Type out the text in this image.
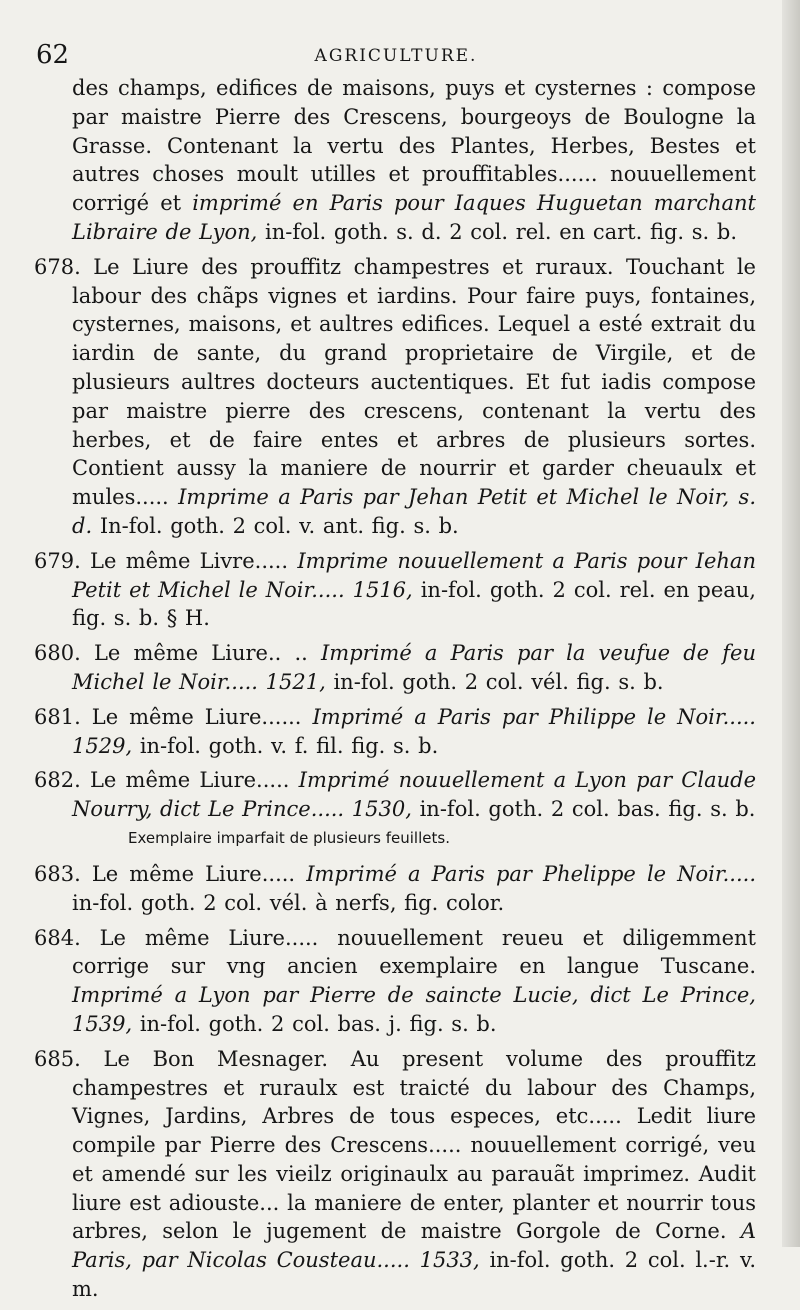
62	AGRICULTURE.

des champs, edifices de maisons, puys et cysternes : compose par maistre Pierre des Crescens, bourgeoys de Boulogne la Grasse. Contenant la vertu des Plantes, Herbes, Bestes et autres choses moult utilles et prouffitables...... nouuellement corrigé et imprimé en Paris pour Iaques Huguetan marchant Libraire de Lyon, in-fol. goth. s. d. 2 col. rel. en cart. fig. s. b.

678. Le Liure des prouffitz champestres et ruraux. Touchant le labour des chãps vignes et iardins. Pour faire puys, fontaines, cysternes, maisons, et aultres edifices. Lequel a esté extrait du iardin de sante, du grand proprietaire de Virgile, et de plusieurs aultres docteurs auctentiques. Et fut iadis compose par maistre pierre des crescens, contenant la vertu des herbes, et de faire entes et arbres de plusieurs sortes. Contient aussy la maniere de nourrir et garder cheuaulx et mules..... Imprime a Paris par Jehan Petit et Michel le Noir, s. d. In-fol. goth. 2 col. v. ant. fig. s. b.

679. Le même Livre..... Imprime nouuellement a Paris pour Iehan Petit et Michel le Noir..... 1516, in-fol. goth. 2 col. rel. en peau, fig. s. b. § H.

680. Le même Liure.. .. Imprimé a Paris par la veufue de feu Michel le Noir..... 1521, in-fol. goth. 2 col. vél. fig. s. b.

681. Le même Liure...... Imprimé a Paris par Philippe le Noir..... 1529, in-fol. goth. v. f. fil. fig. s. b.

682. Le même Liure..... Imprimé nouuellement a Lyon par Claude Nourry, dict Le Prince..... 1530, in-fol. goth. 2 col. bas. fig. s. b.

Exemplaire imparfait de plusieurs feuillets.

683. Le même Liure..... Imprimé a Paris par Phelippe le Noir..... in-fol. goth. 2 col. vél. à nerfs, fig. color.

684. Le même Liure..... nouuellement reueu et diligemment corrige sur vng ancien exemplaire en langue Tuscane. Imprimé a Lyon par Pierre de saincte Lucie, dict Le Prince, 1539, in-fol. goth. 2 col. bas. j. fig. s. b.

685. Le Bon Mesnager. Au present volume des prouffitz champestres et ruraulx est traicté du labour des Champs, Vignes, Jardins, Arbres de tous especes, etc..... Ledit liure compile par Pierre des Crescens..... nouuellement corrigé, veu et amendé sur les vieilz originaulx au parauãt imprimez. Audit liure est adiouste... la maniere de enter, planter et nourrir tous arbres, selon le jugement de maistre Gorgole de Corne. A Paris, par Nicolas Cousteau..... 1533, in-fol. goth. 2 col. l.-r. v. m.
